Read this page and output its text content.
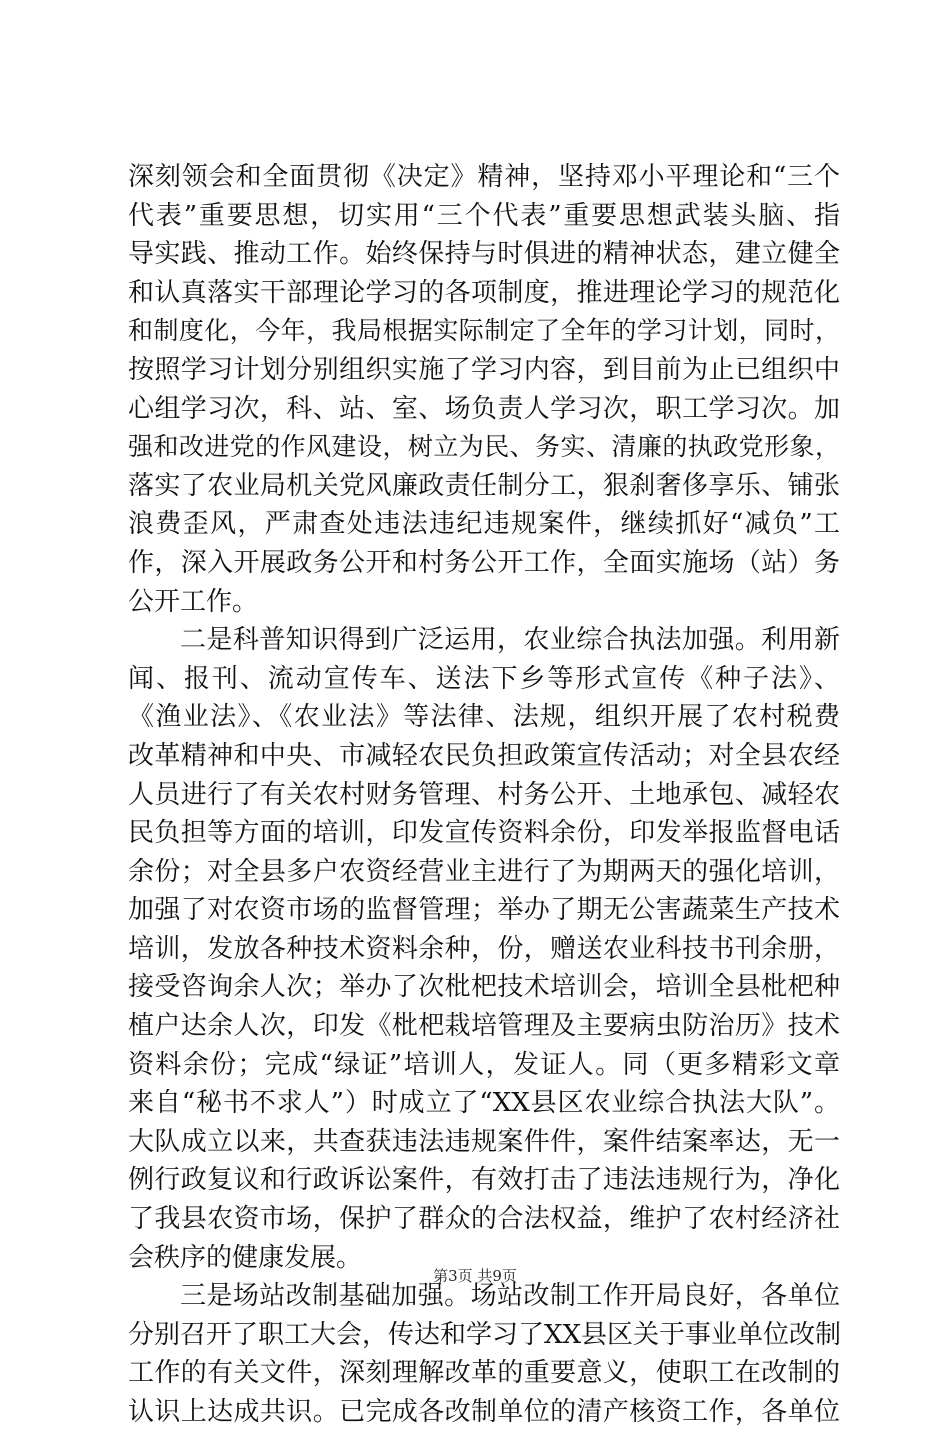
深刻领会和全面贯彻《决定》精神，坚持邓小平理论和“三个
代表”重要思想，切实用“三个代表”重要思想武装头脑、指
导实践、推动工作。始终保持与时俱进的精神状态，建立健全
和认真落实干部理论学习的各项制度，推进理论学习的规范化
和制度化，今年，我局根据实际制定了全年的学习计划，同时，
按照学习计划分别组织实施了学习内容，到目前为止已组织中
心组学习次，科、站、室、场负责人学习次，职工学习次。加
强和改进党的作风建设，树立为民、务实、清廉的执政党形象，
落实了农业局机关党风廉政责任制分工，狠刹奢侈享乐、铺张
浪费歪风，严肃查处违法违纪违规案件，继续抓好“减负”工
作，深入开展政务公开和村务公开工作，全面实施场（站）务
公开工作。
二是科普知识得到广泛运用，农业综合执法加强。利用新
闻、报刊、流动宣传车、送法下乡等形式宣传《种子法》、
《渔业法》、《农业法》等法律、法规，组织开展了农村税费
改革精神和中央、市减轻农民负担政策宣传活动；对全县农经
人员进行了有关农村财务管理、村务公开、土地承包、减轻农
民负担等方面的培训，印发宣传资料余份，印发举报监督电话
余份；对全县多户农资经营业主进行了为期两天的强化培训，
加强了对农资市场的监督管理；举办了期无公害蔬菜生产技术
培训，发放各种技术资料余种，份，赠送农业科技书刊余册，
接受咨询余人次；举办了次枇杷技术培训会，培训全县枇杷种
植户达余人次，印发《枇杷栽培管理及主要病虫防治历》技术
资料余份；完成“绿证”培训人，发证人。同（更多精彩文章
来自“秘书不求人”）时成立了“XX县区农业综合执法大队”。
大队成立以来，共查获违法违规案件件，案件结案率达，无一
例行政复议和行政诉讼案件，有效打击了违法违规行为，净化
了我县农资市场，保护了群众的合法权益，维护了农村经济社
会秩序的健康发展。
三是场站改制基础加强。场站改制工作开局良好，各单位
分别召开了职工大会，传达和学习了XX县区关于事业单位改制
工作的有关文件，深刻理解改革的重要意义，使职工在改制的
认识上达成共识。已完成各改制单位的清产核资工作，各单位
第3页 共9页
